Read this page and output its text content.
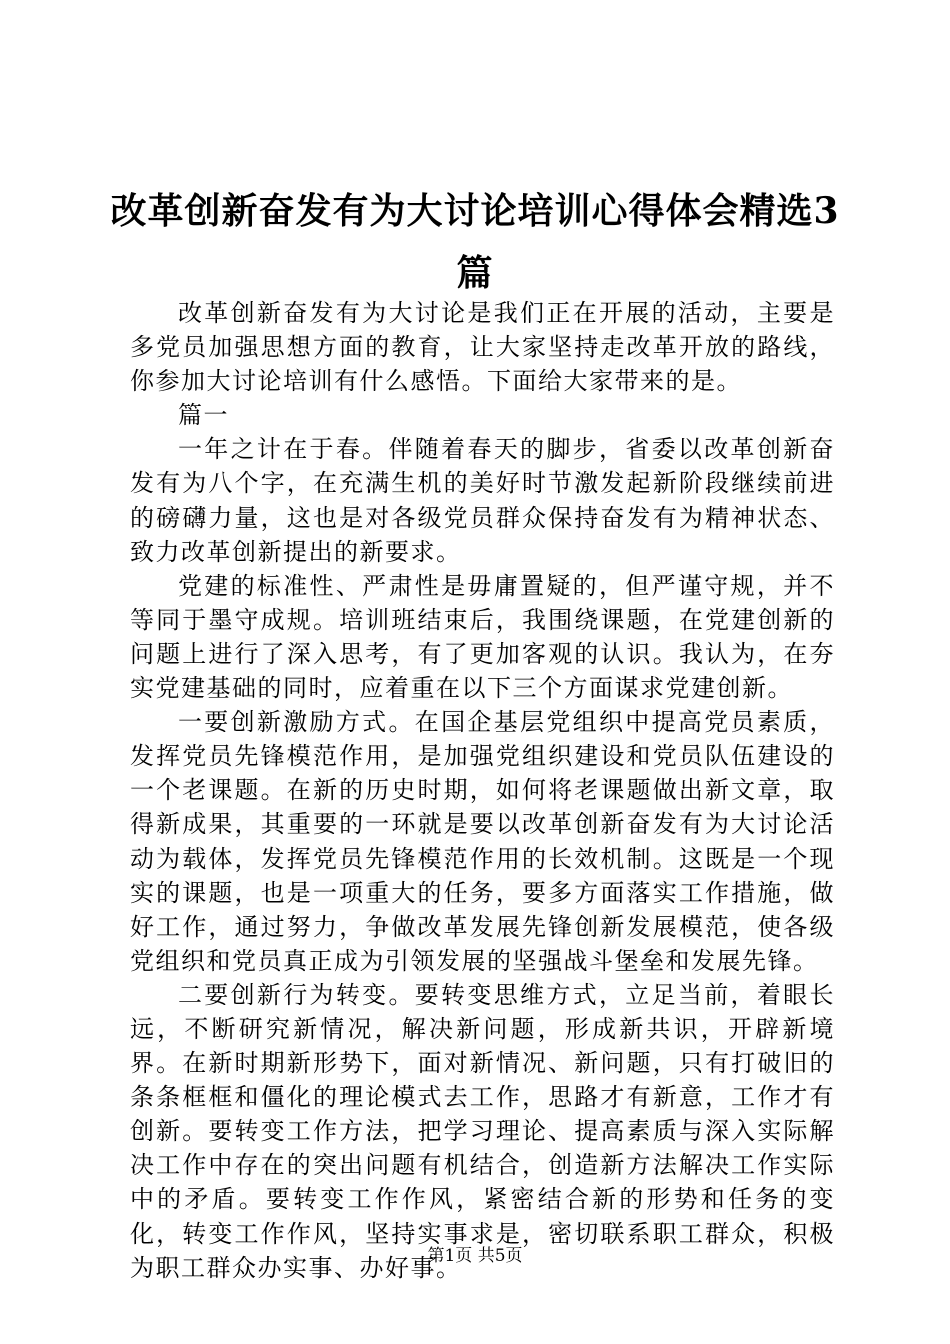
改革创新奋发有为大讨论培训心得体会精选3篇

改革创新奋发有为大讨论是我们正在开展的活动，主要是多党员加强思想方面的教育，让大家坚持走改革开放的路线，你参加大讨论培训有什么感悟。下面给大家带来的是。

篇一

一年之计在于春。伴随着春天的脚步，省委以改革创新奋发有为八个字，在充满生机的美好时节激发起新阶段继续前进的磅礴力量，这也是对各级党员群众保持奋发有为精神状态、致力改革创新提出的新要求。

党建的标准性、严肃性是毋庸置疑的，但严谨守规，并不等同于墨守成规。培训班结束后，我围绕课题，在党建创新的问题上进行了深入思考，有了更加客观的认识。我认为，在夯实党建基础的同时，应着重在以下三个方面谋求党建创新。

一要创新激励方式。在国企基层党组织中提高党员素质，发挥党员先锋模范作用，是加强党组织建设和党员队伍建设的一个老课题。在新的历史时期，如何将老课题做出新文章，取得新成果，其重要的一环就是要以改革创新奋发有为大讨论活动为载体，发挥党员先锋模范作用的长效机制。这既是一个现实的课题，也是一项重大的任务，要多方面落实工作措施，做好工作，通过努力，争做改革发展先锋创新发展模范，使各级党组织和党员真正成为引领发展的坚强战斗堡垒和发展先锋。

二要创新行为转变。要转变思维方式，立足当前，着眼长远，不断研究新情况，解决新问题，形成新共识，开辟新境界。在新时期新形势下，面对新情况、新问题，只有打破旧的条条框框和僵化的理论模式去工作，思路才有新意，工作才有创新。要转变工作方法，把学习理论、提高素质与深入实际解决工作中存在的突出问题有机结合，创造新方法解决工作实际中的矛盾。要转变工作作风，紧密结合新的形势和任务的变化，转变工作作风，坚持实事求是，密切联系职工群众，积极为职工群众办实事、办好事。

第1页 共5页
